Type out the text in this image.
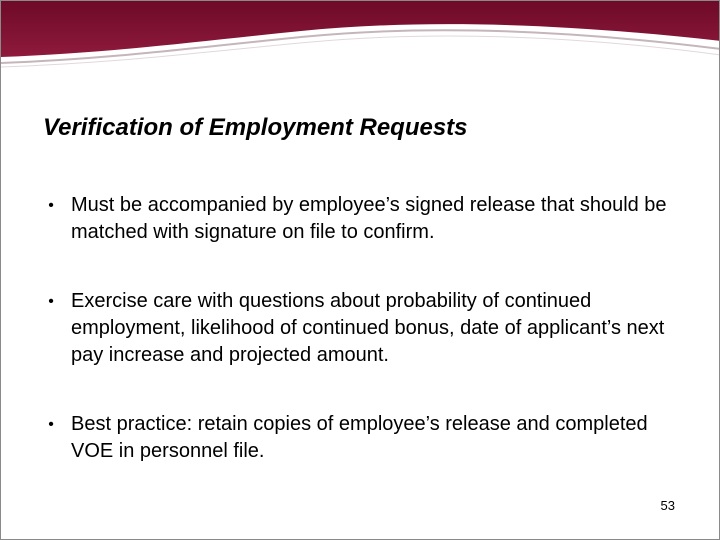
Verification of Employment Requests
• Must be accompanied by employee’s signed release that should be matched with signature on file to confirm.
• Exercise care with questions about probability of continued employment, likelihood of continued bonus, date of applicant’s next pay increase and projected amount.
• Best practice: retain copies of employee’s release and completed VOE in personnel file.
53
